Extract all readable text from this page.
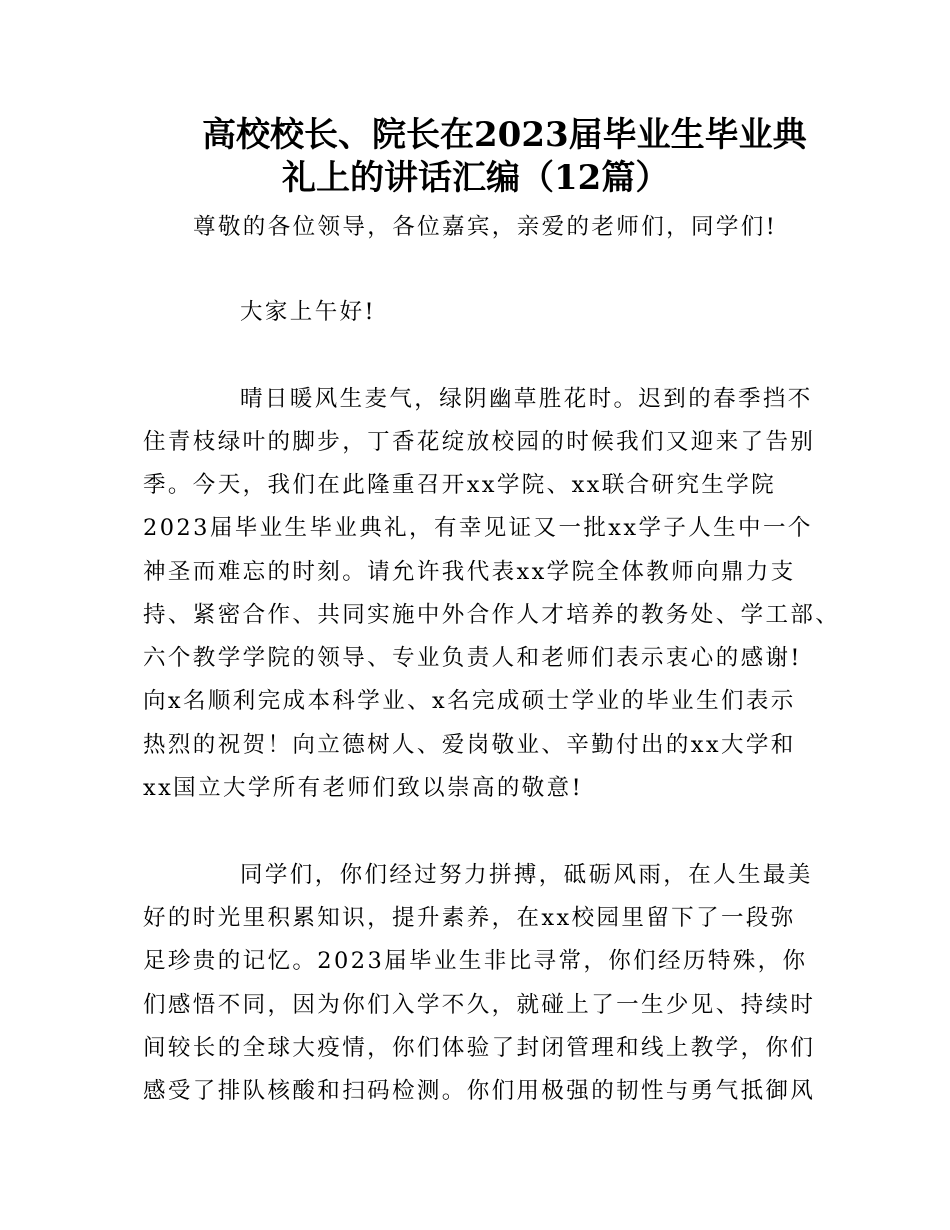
高校校长、院长在2023届毕业生毕业典
礼上的讲话汇编（12篇）
尊敬的各位领导，各位嘉宾，亲爱的老师们，同学们!
大家上午好!
晴日暖风生麦气，绿阴幽草胜花时。迟到的春季挡不
住青枝绿叶的脚步，丁香花绽放校园的时候我们又迎来了告别
季。今天，我们在此隆重召开xx学院、xx联合研究生学院
2023届毕业生毕业典礼，有幸见证又一批xx学子人生中一个
神圣而难忘的时刻。请允许我代表xx学院全体教师向鼎力支
持、紧密合作、共同实施中外合作人才培养的教务处、学工部、
六个教学学院的领导、专业负责人和老师们表示衷心的感谢!
向x名顺利完成本科学业、x名完成硕士学业的毕业生们表示
热烈的祝贺！向立德树人、爱岗敬业、辛勤付出的xx大学和
xx国立大学所有老师们致以崇高的敬意!
同学们，你们经过努力拼搏，砥砺风雨，在人生最美
好的时光里积累知识，提升素养，在xx校园里留下了一段弥
足珍贵的记忆。2023届毕业生非比寻常，你们经历特殊，你
们感悟不同，因为你们入学不久，就碰上了一生少见、持续时
间较长的全球大疫情，你们体验了封闭管理和线上教学，你们
感受了排队核酸和扫码检测。你们用极强的韧性与勇气抵御风
